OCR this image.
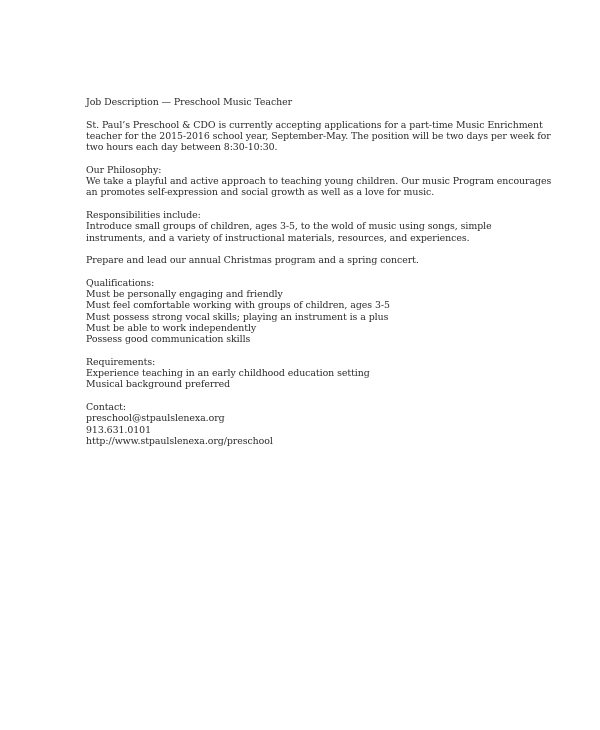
Job Description — Preschool Music Teacher
St. Paul’s Preschool & CDO is currently accepting applications for a part-time Music Enrichment
teacher for the 2015-2016 school year, September-May. The position will be two days per week for
two hours each day between 8:30-10:30.
Our Philosophy:
We take a playful and active approach to teaching young children. Our music Program encourages
an promotes self-expression and social growth as well as a love for music.
Responsibilities include:
Introduce small groups of children, ages 3-5, to the wold of music using songs, simple
instruments, and a variety of instructional materials, resources, and experiences.
Prepare and lead our annual Christmas program and a spring concert.
Qualifications:
Must be personally engaging and friendly
Must feel comfortable working with groups of children, ages 3-5
Must possess strong vocal skills; playing an instrument is a plus
Must be able to work independently
Possess good communication skills
Requirements:
Experience teaching in an early childhood education setting
Musical background preferred
Contact:
preschool@stpaulslenexa.org
913.631.0101
http://www.stpaulslenexa.org/preschool
